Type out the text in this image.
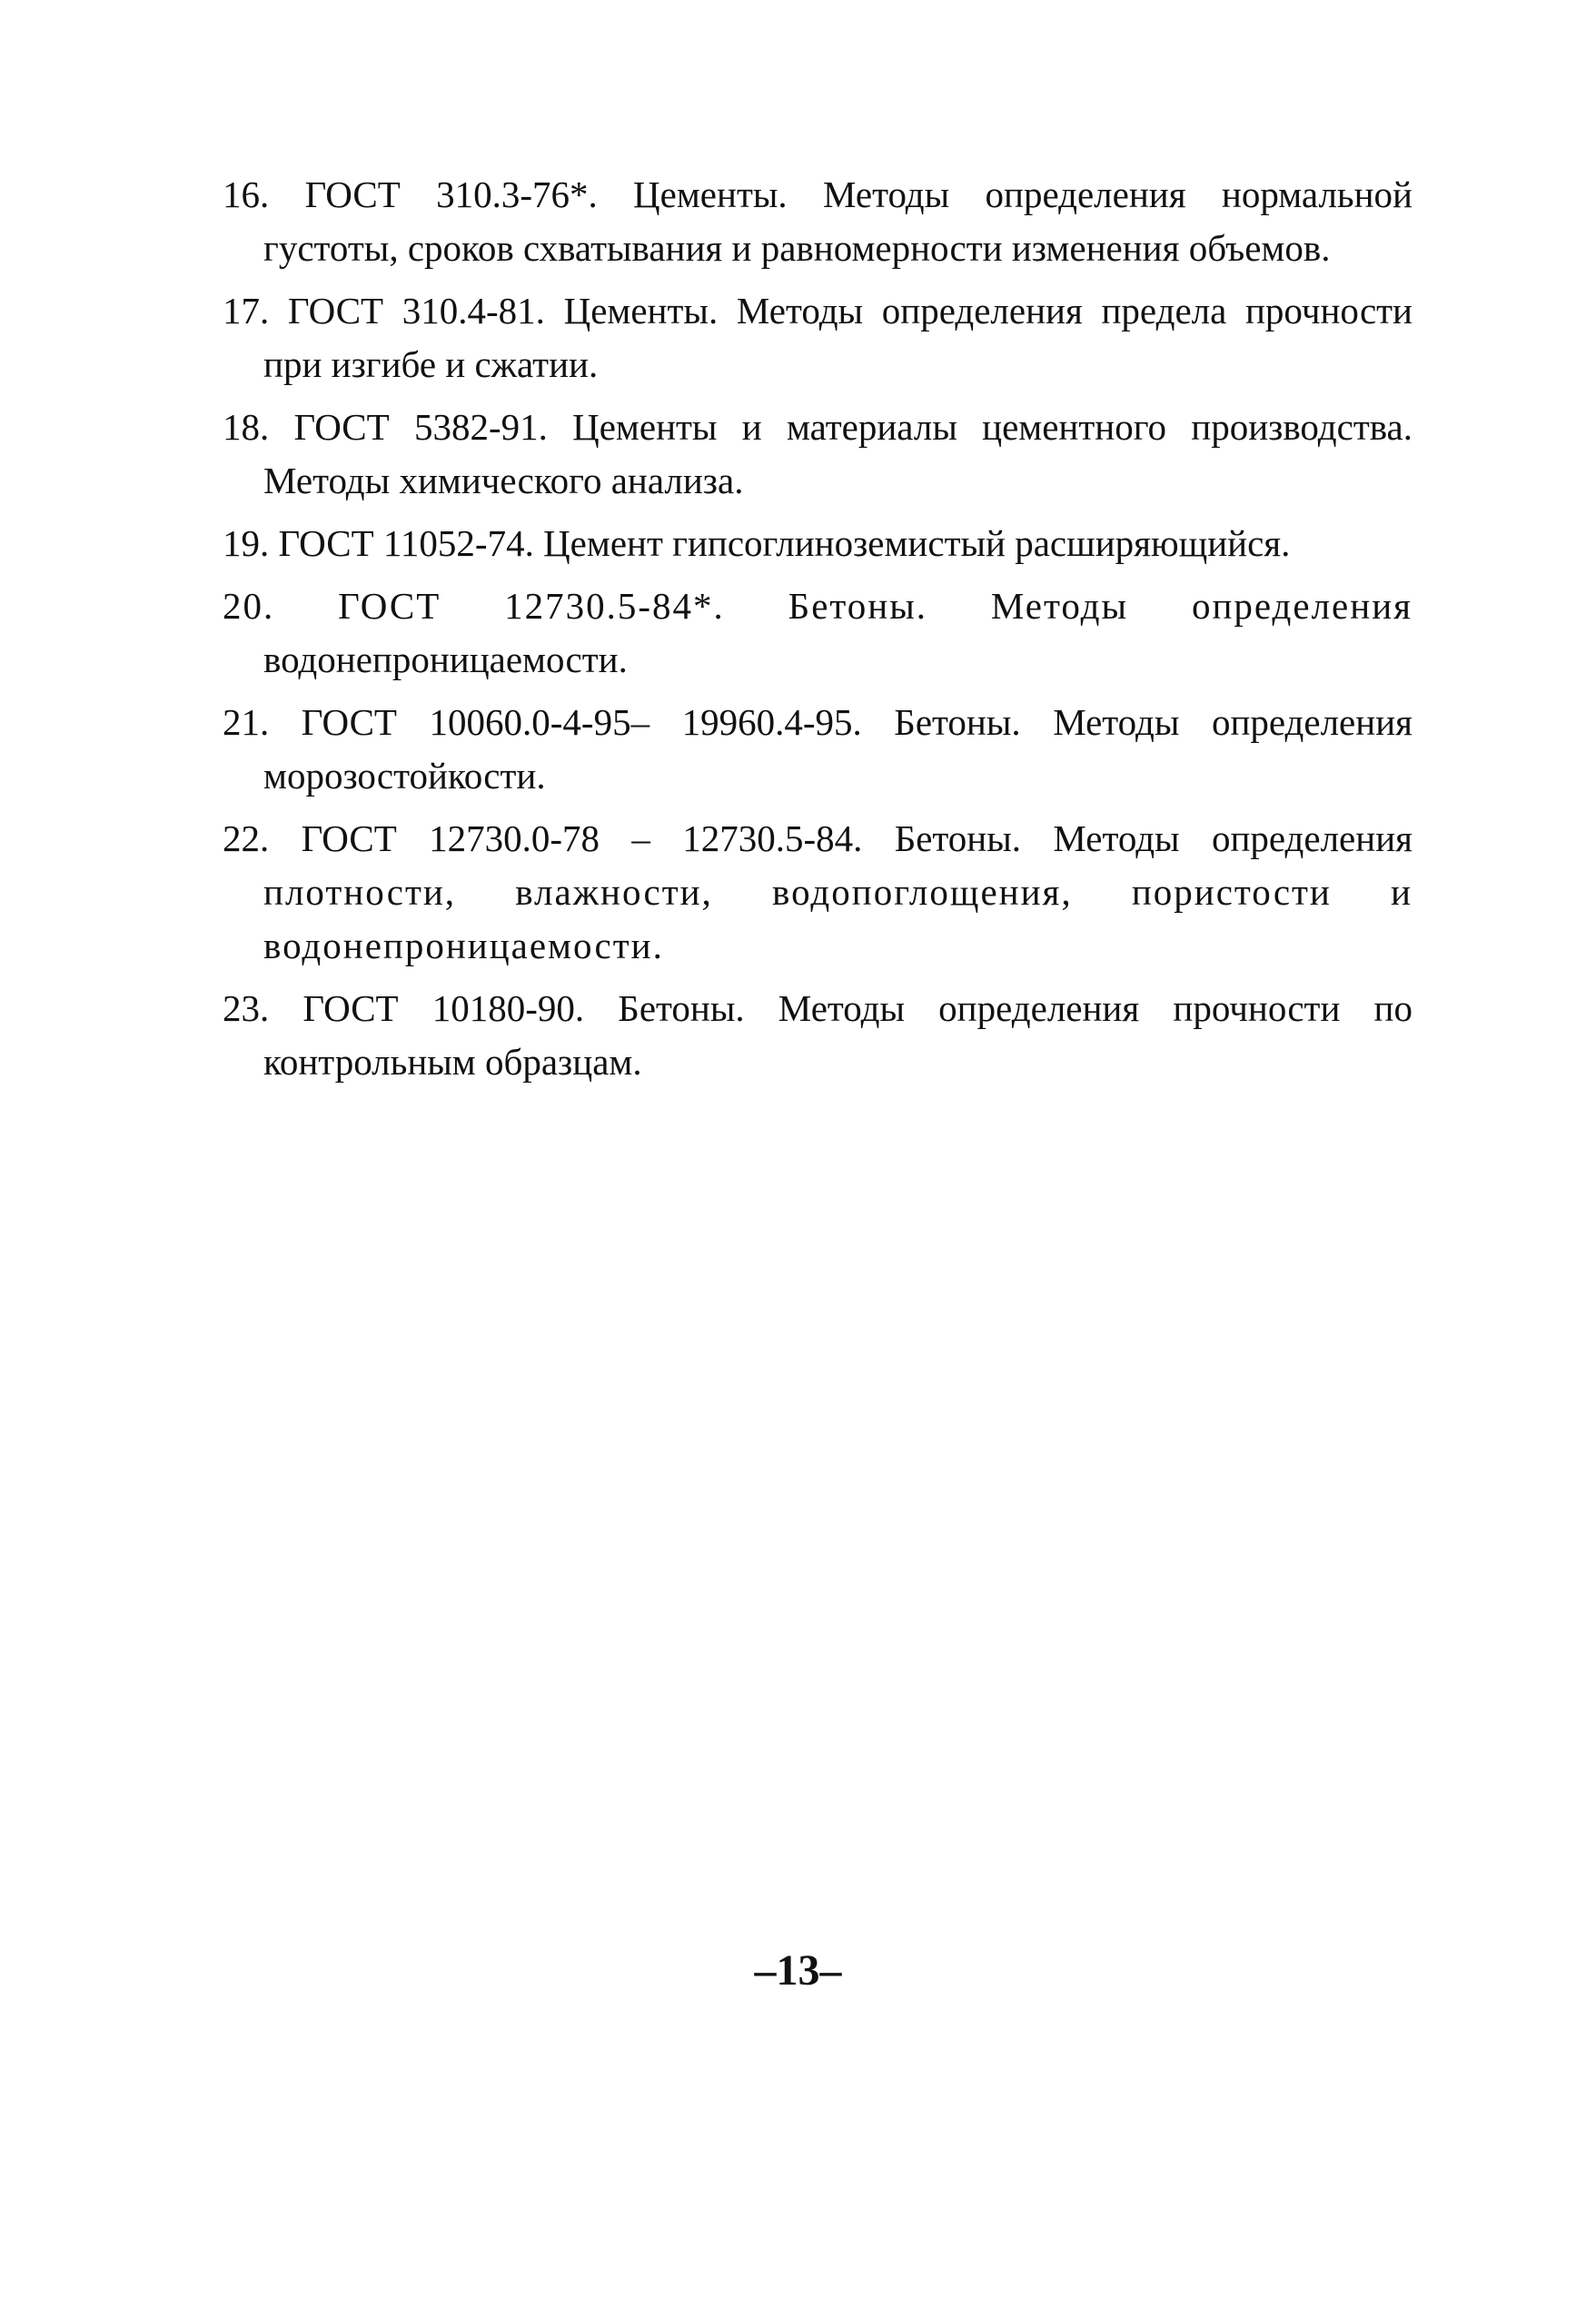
16. ГОСТ 310.3-76*. Цементы. Методы определения нормальной
густоты, сроков схватывания и равномерности изменения объемов.
17. ГОСТ 310.4-81. Цементы. Методы определения предела прочности
при изгибе и сжатии.
18. ГОСТ 5382-91. Цементы и материалы цементного производства.
Методы химического анализа.
19. ГОСТ 11052-74. Цемент гипсоглиноземистый расширяющийся.
20. ГОСТ 12730.5-84*. Бетоны. Методы определения
водонепроницаемости.
21. ГОСТ 10060.0-4-95– 19960.4-95. Бетоны. Методы определения
морозостойкости.
22. ГОСТ 12730.0-78 – 12730.5-84. Бетоны. Методы определения
плотности, влажности, водопоглощения, пористости и водонепроницаемости.
23. ГОСТ 10180-90. Бетоны. Методы определения прочности по
контрольным образцам.
–13–
